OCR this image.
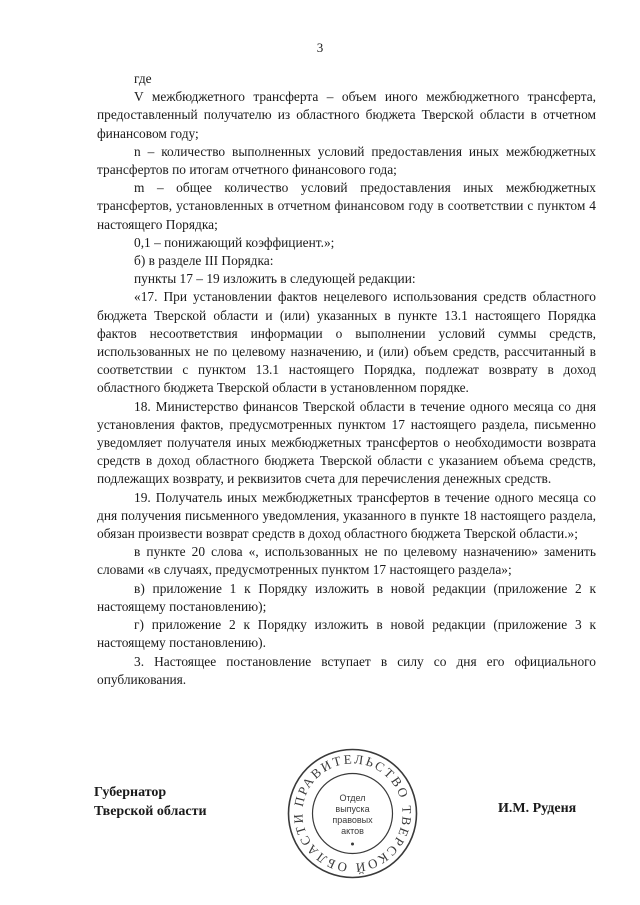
3

где

V межбюджетного трансферта – объем иного межбюджетного трансферта, предоставленный получателю из областного бюджета Тверской области в отчетном финансовом году;

n – количество выполненных условий предоставления иных межбюджетных трансфертов по итогам отчетного финансового года;

m – общее количество условий предоставления иных межбюджетных трансфертов, установленных в отчетном финансовом году в соответствии с пунктом 4 настоящего Порядка;

0,1 – понижающий коэффициент.»;

б) в разделе III Порядка:

пункты 17 – 19 изложить в следующей редакции:

«17. При установлении фактов нецелевого использования средств областного бюджета Тверской области и (или) указанных в пункте 13.1 настоящего Порядка фактов несоответствия информации о выполнении условий суммы средств, использованных не по целевому назначению, и (или) объем средств, рассчитанный в соответствии с пунктом 13.1 настоящего Порядка, подлежат возврату в доход областного бюджета Тверской области в установленном порядке.

18. Министерство финансов Тверской области в течение одного месяца со дня установления фактов, предусмотренных пунктом 17 настоящего раздела, письменно уведомляет получателя иных межбюджетных трансфертов о необходимости возврата средств в доход областного бюджета Тверской области с указанием объема средств, подлежащих возврату, и реквизитов счета для перечисления денежных средств.

19. Получатель иных межбюджетных трансфертов в течение одного месяца со дня получения письменного уведомления, указанного в пункте 18 настоящего раздела, обязан произвести возврат средств в доход областного бюджета Тверской области.»;

в пункте 20 слова «, использованных не по целевому назначению» заменить словами «в случаях, предусмотренных пунктом 17 настоящего раздела»;

в) приложение 1 к Порядку изложить в новой редакции (приложение 2 к настоящему постановлению);

г) приложение 2 к Порядку изложить в новой редакции (приложение 3 к настоящему постановлению).

3. Настоящее постановление вступает в силу со дня его официального опубликования.

Губернатор
Тверской области	И.М. Руденя
ПРАВИТЕЛЬСТВО ТВЕРСКОЙ ОБЛАСТИ
Отдел
выпуска
правовых
актов
